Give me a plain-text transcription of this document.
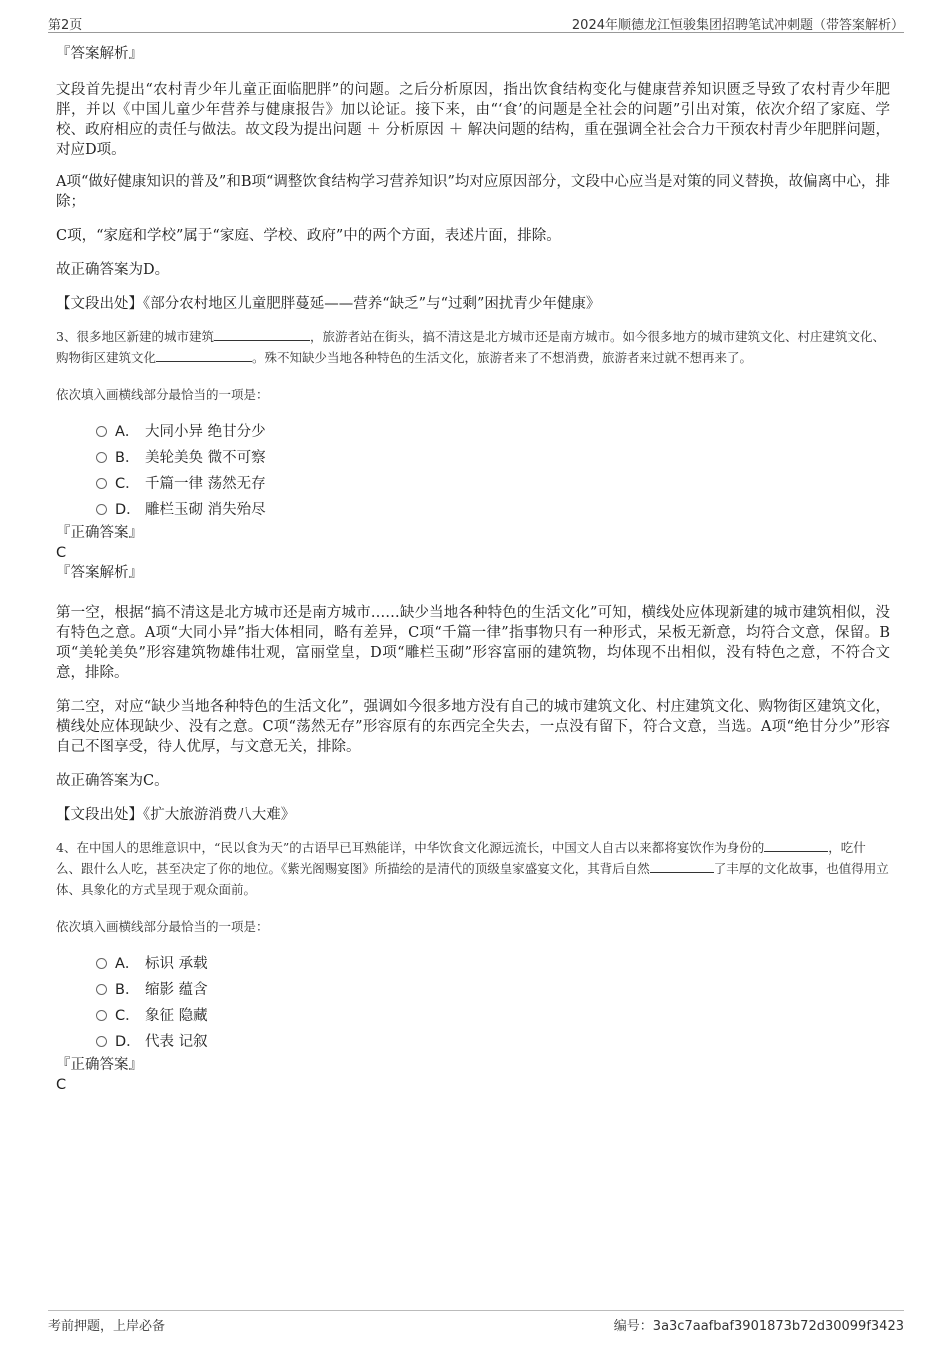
第2页	2024年顺德龙江恒骏集团招聘笔试冲刺题（带答案解析）
『答案解析』

文段首先提出“农村青少年儿童正面临肥胖”的问题。之后分析原因，指出饮食结构变化与健康营养知识匮乏导致了农村青少年肥胖，并以《中国儿童少年营养与健康报告》加以论证。接下来，由“‘食’的问题是全社会的问题”引出对策，依次介绍了家庭、学校、政府相应的责任与做法。故文段为提出问题 ＋ 分析原因 ＋ 解决问题的结构，重在强调全社会合力干预农村青少年肥胖问题，对应D项。

A项“做好健康知识的普及”和B项“调整饮食结构学习营养知识”均对应原因部分，文段中心应当是对策的同义替换，故偏离中心，排除；

C项，“家庭和学校”属于“家庭、学校、政府”中的两个方面，表述片面，排除。

故正确答案为D。

【文段出处】《部分农村地区儿童肥胖蔓延——营养“缺乏”与“过剩”困扰青少年健康》

3、很多地区新建的城市建筑	，旅游者站在街头，搞不清这是北方城市还是南方城市。如今很多地方的城市建筑文化、村庄建筑文化、购物街区建筑文化	。殊不知缺少当地各种特色的生活文化，旅游者来了不想消费，旅游者来过就不想再来了。

依次填入画横线部分最恰当的一项是：

A． 大同小异 绝甘分少
B． 美轮美奂 微不可察
C． 千篇一律 荡然无存
D． 雕栏玉砌 消失殆尽
『正确答案』
C
『答案解析』

第一空，根据“搞不清这是北方城市还是南方城市……缺少当地各种特色的生活文化”可知，横线处应体现新建的城市建筑相似，没有特色之意。A项“大同小异”指大体相同，略有差异，C项“千篇一律”指事物只有一种形式，呆板无新意，均符合文意，保留。B项“美轮美奂”形容建筑物雄伟壮观，富丽堂皇，D项“雕栏玉砌”形容富丽的建筑物，均体现不出相似，没有特色之意，不符合文意，排除。

第二空，对应“缺少当地各种特色的生活文化”，强调如今很多地方没有自己的城市建筑文化、村庄建筑文化、购物街区建筑文化，横线处应体现缺少、没有之意。C项“荡然无存”形容原有的东西完全失去，一点没有留下，符合文意，当选。A项“绝甘分少”形容自己不图享受，待人优厚，与文意无关，排除。

故正确答案为C。

【文段出处】《扩大旅游消费八大难》

4、在中国人的思维意识中，“民以食为天”的古语早已耳熟能详，中华饮食文化源远流长，中国文人自古以来都将宴饮作为身份的	，吃什么、跟什么人吃，甚至决定了你的地位。《紫光阁赐宴图》所描绘的是清代的顶级皇家盛宴文化，其背后自然	了丰厚的文化故事，也值得用立体、具象化的方式呈现于观众面前。

依次填入画横线部分最恰当的一项是：

A． 标识 承载
B． 缩影 蕴含
C． 象征 隐藏
D． 代表 记叙
『正确答案』
C
考前押题，上岸必备	编号：3a3c7aafbaf3901873b72d30099f3423
